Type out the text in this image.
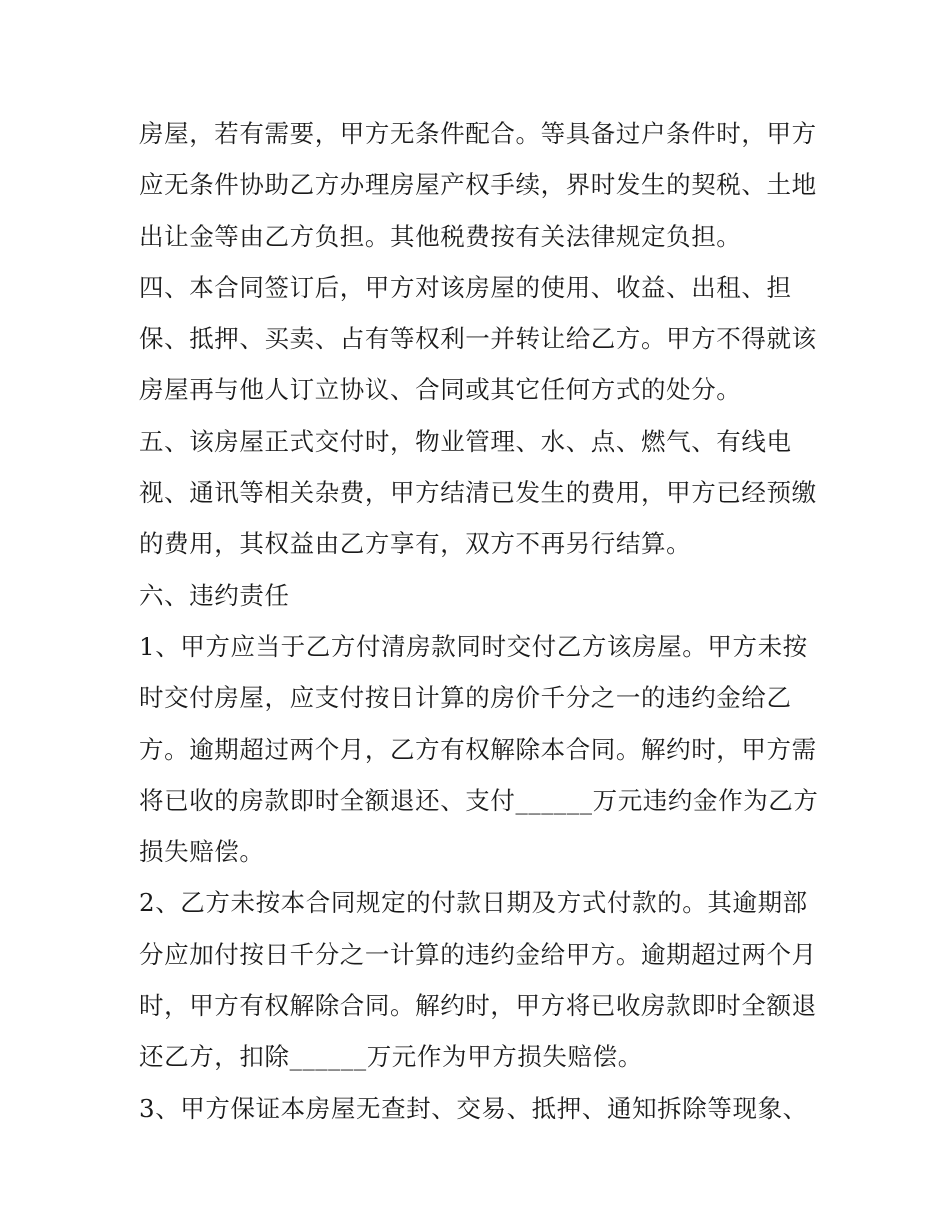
房屋，若有需要，甲方无条件配合。等具备过户条件时，甲方
应无条件协助乙方办理房屋产权手续，界时发生的契税、土地
出让金等由乙方负担。其他税费按有关法律规定负担。
四、本合同签订后，甲方对该房屋的使用、收益、出租、担
保、抵押、买卖、占有等权利一并转让给乙方。甲方不得就该
房屋再与他人订立协议、合同或其它任何方式的处分。
五、该房屋正式交付时，物业管理、水、点、燃气、有线电
视、通讯等相关杂费，甲方结清已发生的费用，甲方已经预缴
的费用，其权益由乙方享有，双方不再另行结算。
六、违约责任
1、甲方应当于乙方付清房款同时交付乙方该房屋。甲方未按
时交付房屋，应支付按日计算的房价千分之一的违约金给乙
方。逾期超过两个月，乙方有权解除本合同。解约时，甲方需
将已收的房款即时全额退还、支付______万元违约金作为乙方
损失赔偿。
2、乙方未按本合同规定的付款日期及方式付款的。其逾期部
分应加付按日千分之一计算的违约金给甲方。逾期超过两个月
时，甲方有权解除合同。解约时，甲方将已收房款即时全额退
还乙方，扣除______万元作为甲方损失赔偿。
3、甲方保证本房屋无查封、交易、抵押、通知拆除等现象、
